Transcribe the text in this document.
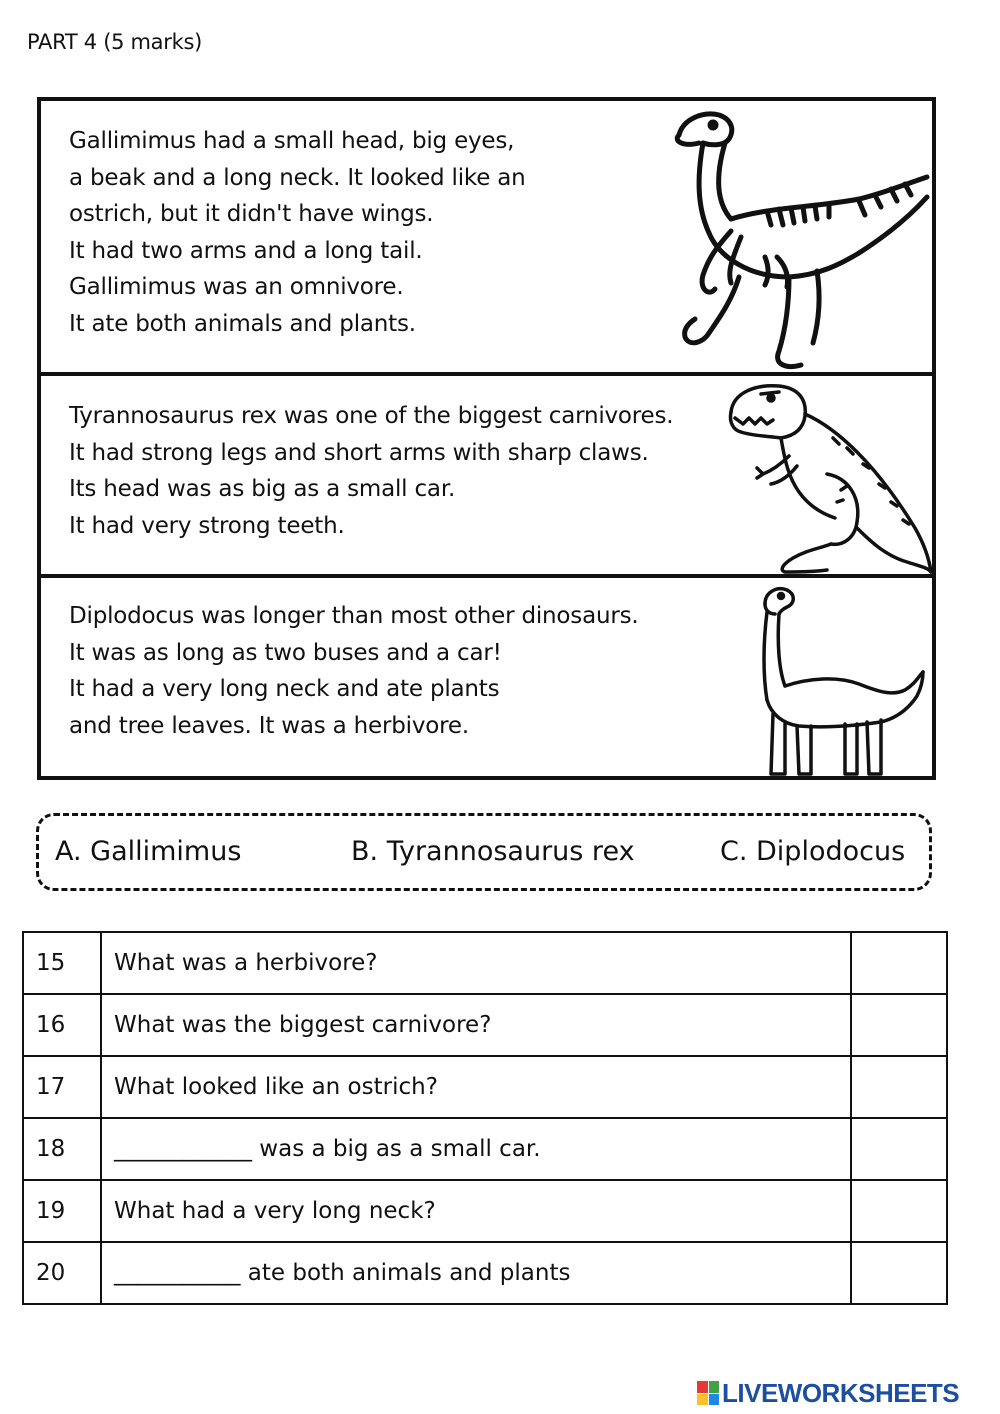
PART 4 (5 marks)
Gallimimus had a small head, big eyes,
a beak and a long neck. It looked like an
ostrich, but it didn't have wings.
It had two arms and a long tail.
Gallimimus was an omnivore.
It ate both animals and plants.
Tyrannosaurus rex was one of the biggest carnivores.
It had strong legs and short arms with sharp claws.
Its head was as big as a small car.
It had very strong teeth.
Diplodocus was longer than most other dinosaurs.
It was as long as two buses and a car!
It had a very long neck and ate plants
and tree leaves. It was a herbivore.
A. Gallimimus	B. Tyrannosaurus rex	C. Diplodocus
15	What was a herbivore?	
16	What was the biggest carnivore?	
17	What looked like an ostrich?	
18	____________ was a big as a small car.	
19	What had a very long neck?	
20	___________ ate both animals and plants	
LIVEWORKSHEETS
